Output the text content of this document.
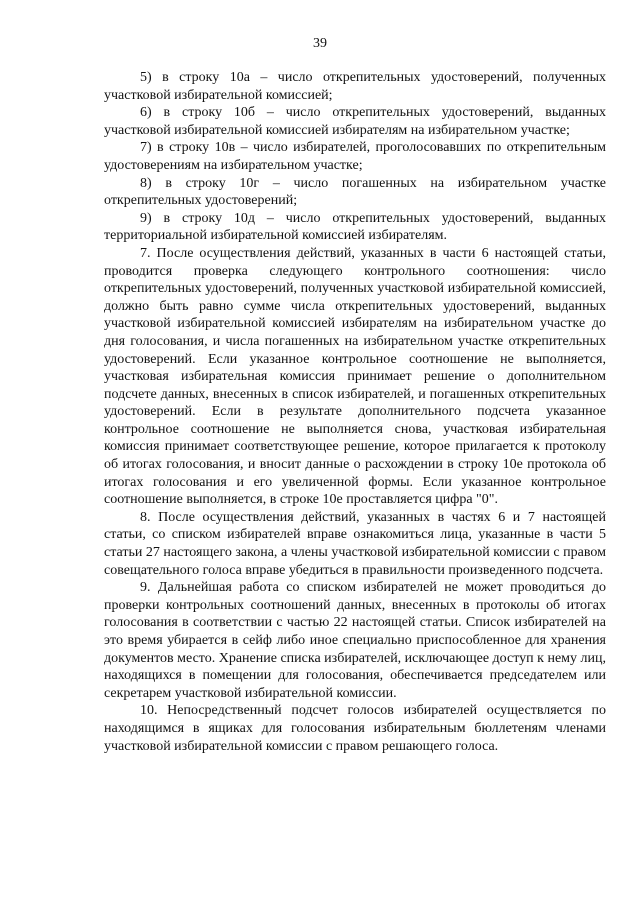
39

5) в строку 10а – число открепительных удостоверений, полученных участковой избирательной комиссией;

6) в строку 10б – число открепительных удостоверений, выданных участковой избирательной комиссией избирателям на избирательном участке;

7) в строку 10в – число избирателей, проголосовавших по открепительным удостоверениям на избирательном участке;

8) в строку 10г – число погашенных на избирательном участке открепительных удостоверений;

9) в строку 10д – число открепительных удостоверений, выданных территориальной избирательной комиссией избирателям.

7. После осуществления действий, указанных в части 6 настоящей статьи, проводится проверка следующего контрольного соотношения: число открепительных удостоверений, полученных участковой избирательной комиссией, должно быть равно сумме числа открепительных удостоверений, выданных участковой избирательной комиссией избирателям на избирательном участке до дня голосования, и числа погашенных на избирательном участке открепительных удостоверений. Если указанное контрольное соотношение не выполняется, участковая избирательная комиссия принимает решение о дополнительном подсчете данных, внесенных в список избирателей, и погашенных открепительных удостоверений. Если в результате дополнительного подсчета указанное контрольное соотношение не выполняется снова, участковая избирательная комиссия принимает соответствующее решение, которое прилагается к протоколу об итогах голосования, и вносит данные о расхождении в строку 10е протокола об итогах голосования и его увеличенной формы. Если указанное контрольное соотношение выполняется, в строке 10е проставляется цифра "0".

8. После осуществления действий, указанных в частях 6 и 7 настоящей статьи, со списком избирателей вправе ознакомиться лица, указанные в части 5 статьи 27 настоящего закона, а члены участковой избирательной комиссии с правом совещательного голоса вправе убедиться в правильности произведенного подсчета.

9. Дальнейшая работа со списком избирателей не может проводиться до проверки контрольных соотношений данных, внесенных в протоколы об итогах голосования в соответствии с частью 22 настоящей статьи. Список избирателей на это время убирается в сейф либо иное специально приспособленное для хранения документов место. Хранение списка избирателей, исключающее доступ к нему лиц, находящихся в помещении для голосования, обеспечивается председателем или секретарем участковой избирательной комиссии.

10. Непосредственный подсчет голосов избирателей осуществляется по находящимся в ящиках для голосования избирательным бюллетеням членами участковой избирательной комиссии с правом решающего голоса.
